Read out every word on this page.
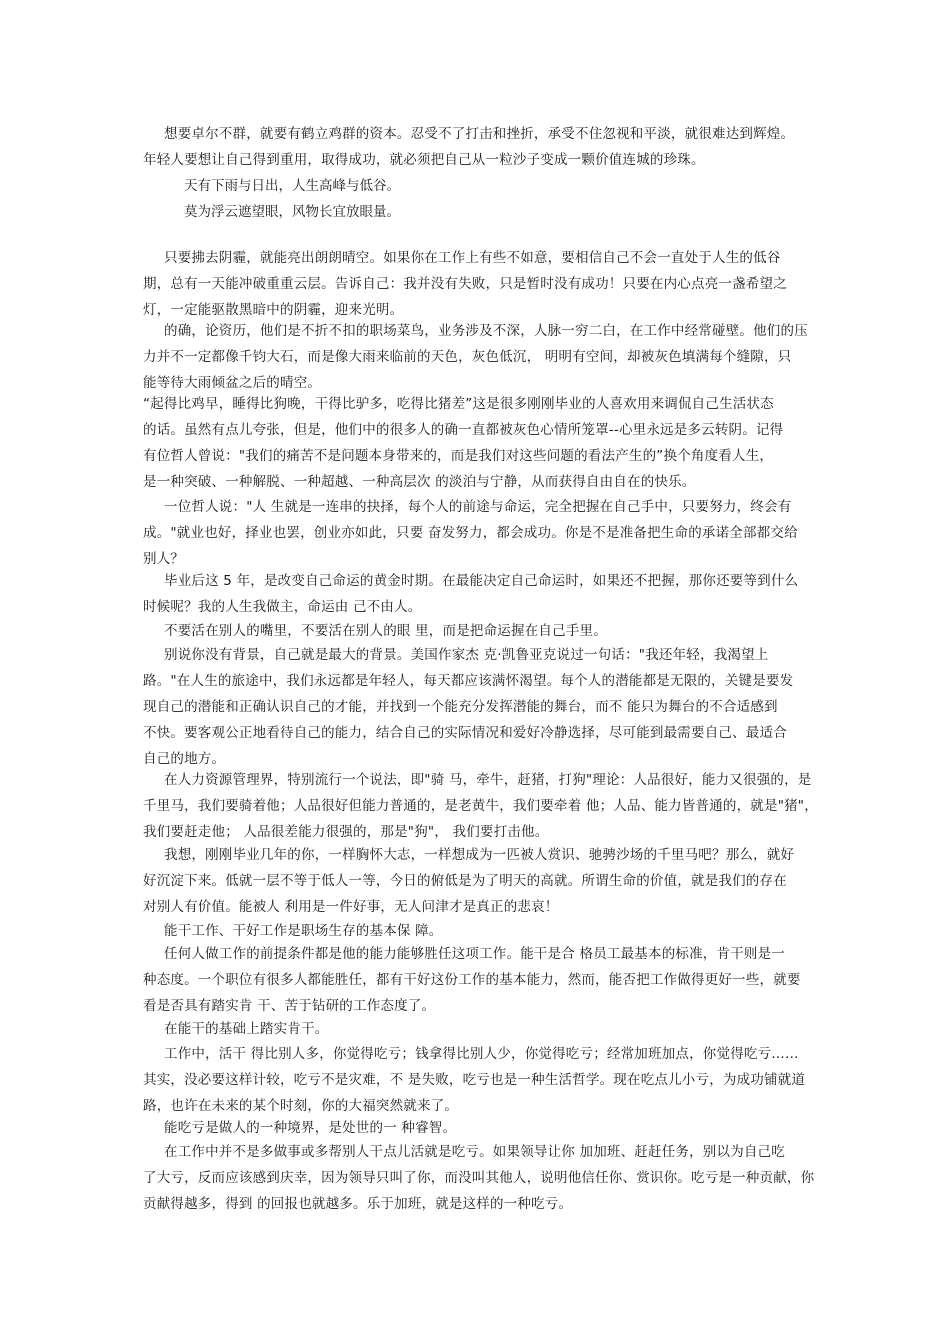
想要卓尔不群，就要有鹤立鸡群的资本。忍受不了打击和挫折，承受不住忽视和平淡，就很难达到辉煌。
年轻人要想让自己得到重用，取得成功，就必须把自己从一粒沙子变成一颗价值连城的珍珠。

天有下雨与日出，人生高峰与低谷。

莫为浮云遮望眼，风物长宜放眼量。

只要拂去阴霾，就能亮出朗朗晴空。如果你在工作上有些不如意，要相信自己不会一直处于人生的低谷
期，总有一天能冲破重重云层。告诉自己：我并没有失败，只是暂时没有成功！只要在内心点亮一盏希望之
灯，一定能驱散黑暗中的阴霾，迎来光明。

的确，论资历，他们是不折不扣的职场菜鸟，业务涉及不深，人脉一穷二白，在工作中经常碰壁。他们的压
力并不一定都像千钧大石，而是像大雨来临前的天色，灰色低沉， 明明有空间，却被灰色填满每个缝隙，只
能等待大雨倾盆之后的晴空。

“起得比鸡早，睡得比狗晚，干得比驴多，吃得比猪差”这是很多刚刚毕业的人喜欢用来调侃自己生活状态
的话。虽然有点儿夸张，但是，他们中的很多人的确一直都被灰色心情所笼罩--心里永远是多云转阴。记得
有位哲人曾说："我们的痛苦不是问题本身带来的，而是我们对这些问题的看法产生的”换个角度看人生，
是一种突破、一种解脱、一种超越、一种高层次 的淡泊与宁静，从而获得自由自在的快乐。

一位哲人说："人 生就是一连串的抉择，每个人的前途与命运，完全把握在自己手中，只要努力，终会有
成。"就业也好，择业也罢，创业亦如此，只要 奋发努力，都会成功。你是不是准备把生命的承诺全部都交给
别人？

毕业后这 5 年，是改变自己命运的黄金时期。在最能决定自己命运时，如果还不把握，那你还要等到什么
时候呢？我的人生我做主，命运由 己不由人。

不要活在别人的嘴里，不要活在别人的眼 里，而是把命运握在自己手里。

别说你没有背景，自己就是最大的背景。美国作家杰 克·凯鲁亚克说过一句话："我还年轻，我渴望上
路。"在人生的旅途中，我们永远都是年轻人，每天都应该满怀渴望。每个人的潜能都是无限的，关键是要发
现自己的潜能和正确认识自己的才能，并找到一个能充分发挥潜能的舞台，而不 能只为舞台的不合适感到
不快。要客观公正地看待自己的能力，结合自己的实际情况和爱好冷静选择，尽可能到最需要自己、最适合
自己的地方。

在人力资源管理界，特别流行一个说法，即"骑 马，牵牛，赶猪，打狗"理论：人品很好，能力又很强的，是
千里马，我们要骑着他；人品很好但能力普通的，是老黄牛，我们要牵着 他；人品、能力皆普通的，就是"猪"，
我们要赶走他； 人品很差能力很强的，那是"狗"， 我们要打击他。

我想，刚刚毕业几年的你，一样胸怀大志，一样想成为一匹被人赏识、驰骋沙场的千里马吧？那么，就好
好沉淀下来。低就一层不等于低人一等，今日的俯低是为了明天的高就。所谓生命的价值，就是我们的存在
对别人有价值。能被人 利用是一件好事，无人问津才是真正的悲哀！

能干工作、干好工作是职场生存的基本保 障。

任何人做工作的前提条件都是他的能力能够胜任这项工作。能干是合 格员工最基本的标准，肯干则是一
种态度。一个职位有很多人都能胜任，都有干好这份工作的基本能力，然而，能否把工作做得更好一些，就要
看是否具有踏实肯 干、苦于钻研的工作态度了。

在能干的基础上踏实肯干。

工作中，活干 得比别人多，你觉得吃亏；钱拿得比别人少，你觉得吃亏；经常加班加点，你觉得吃亏……
其实，没必要这样计较，吃亏不是灾难，不 是失败，吃亏也是一种生活哲学。现在吃点儿小亏，为成功铺就道
路，也许在未来的某个时刻，你的大福突然就来了。

能吃亏是做人的一种境界，是处世的一 种睿智。

在工作中并不是多做事或多帮别人干点儿活就是吃亏。如果领导让你 加加班、赶赶任务，别以为自己吃
了大亏，反而应该感到庆幸，因为领导只叫了你，而没叫其他人，说明他信任你、赏识你。吃亏是一种贡献，你
贡献得越多，得到 的回报也就越多。乐于加班，就是这样的一种吃亏。
